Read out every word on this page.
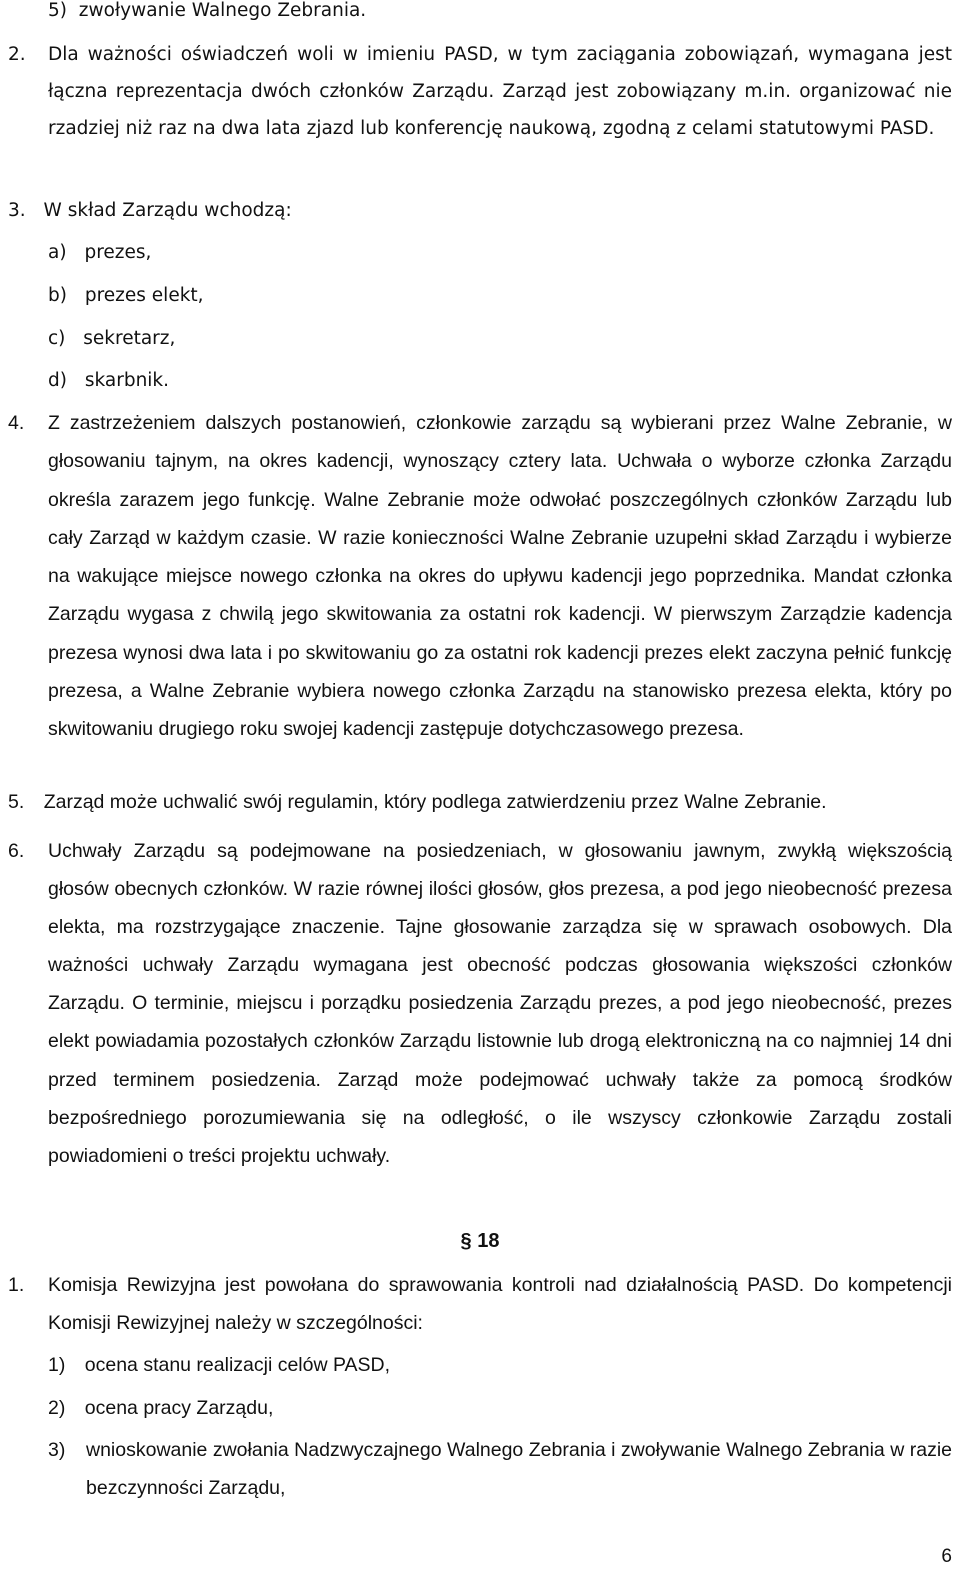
5) zwoływanie Walnego Zebrania.
2. Dla ważności oświadczeń woli w imieniu PASD, w tym zaciągania zobowiązań, wymagana jest łączna reprezentacja dwóch członków Zarządu. Zarząd jest zobowiązany m.in. organizować nie rzadziej niż raz na dwa lata zjazd lub konferencję naukową, zgodną z celami statutowymi PASD.
3. W skład Zarządu wchodzą:
a) prezes,
b) prezes elekt,
c) sekretarz,
d) skarbnik.
4. Z zastrzeżeniem dalszych postanowień, członkowie zarządu są wybierani przez Walne Zebranie, w głosowaniu tajnym, na okres kadencji, wynoszący cztery lata. Uchwała o wyborze członka Zarządu określa zarazem jego funkcję. Walne Zebranie może odwołać poszczególnych członków Zarządu lub cały Zarząd w każdym czasie. W razie konieczności Walne Zebranie uzupełni skład Zarządu i wybierze na wakujące miejsce nowego członka na okres do upływu kadencji jego poprzednika. Mandat członka Zarządu wygasa z chwilą jego skwitowania za ostatni rok kadencji. W pierwszym Zarządzie kadencja prezesa wynosi dwa lata i po skwitowaniu go za ostatni rok kadencji prezes elekt zaczyna pełnić funkcję prezesa, a Walne Zebranie wybiera nowego członka Zarządu na stanowisko prezesa elekta, który po skwitowaniu drugiego roku swojej kadencji zastępuje dotychczasowego prezesa.
5. Zarząd może uchwalić swój regulamin, który podlega zatwierdzeniu przez Walne Zebranie.
6. Uchwały Zarządu są podejmowane na posiedzeniach, w głosowaniu jawnym, zwykłą większością głosów obecnych członków. W razie równej ilości głosów, głos prezesa, a pod jego nieobecność prezesa elekta, ma rozstrzygające znaczenie. Tajne głosowanie zarządza się w sprawach osobowych. Dla ważności uchwały Zarządu wymagana jest obecność podczas głosowania większości członków Zarządu. O terminie, miejscu i porządku posiedzenia Zarządu prezes, a pod jego nieobecność, prezes elekt powiadamia pozostałych członków Zarządu listownie lub drogą elektroniczną na co najmniej 14 dni przed terminem posiedzenia. Zarząd może podejmować uchwały także za pomocą środków bezpośredniego porozumiewania się na odległość, o ile wszyscy członkowie Zarządu zostali powiadomieni o treści projektu uchwały.
§ 18
1. Komisja Rewizyjna jest powołana do sprawowania kontroli nad działalnością PASD. Do kompetencji Komisji Rewizyjnej należy w szczególności:
1) ocena stanu realizacji celów PASD,
2) ocena pracy Zarządu,
3) wnioskowanie zwołania Nadzwyczajnego Walnego Zebrania i zwoływanie Walnego Zebrania w razie bezczynności Zarządu,
6
